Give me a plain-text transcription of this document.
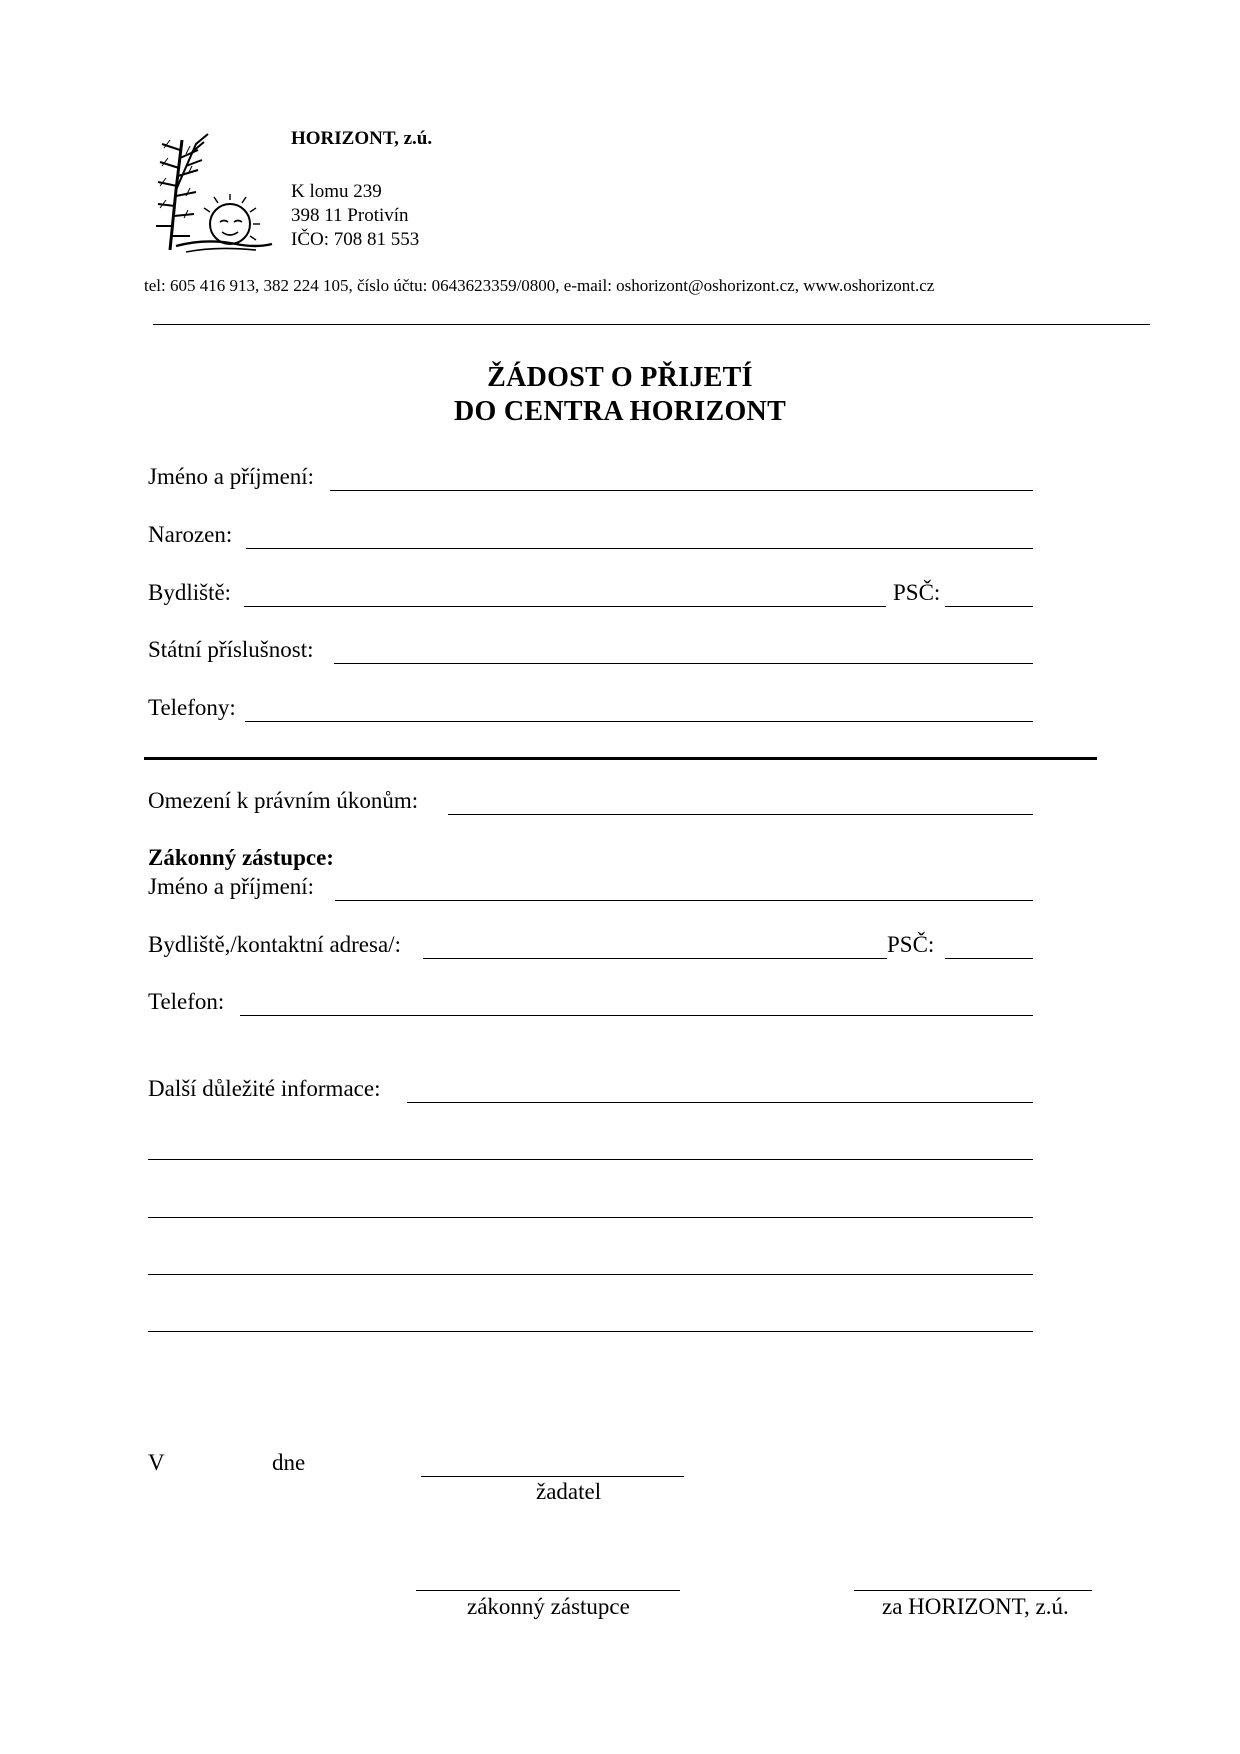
HORIZONT, z.ú.
K lomu 239
398 11 Protivín
IČO: 708 81 553
tel: 605 416 913, 382 224 105, číslo účtu: 0643623359/0800, e-mail: oshorizont@oshorizont.cz, www.oshorizont.cz
ŽÁDOST O PŘIJETÍ
DO CENTRA HORIZONT
Jméno a příjmení:
Narozen:
Bydliště:	PSČ:
Státní příslušnost:
Telefony:
Omezení k právním úkonům:
Zákonný zástupce:
Jméno a příjmení:
Bydliště,/kontaktní adresa/:	PSČ:
Telefon:
Další důležité informace:
V	dne
žadatel
zákonný zástupce	za HORIZONT, z.ú.
